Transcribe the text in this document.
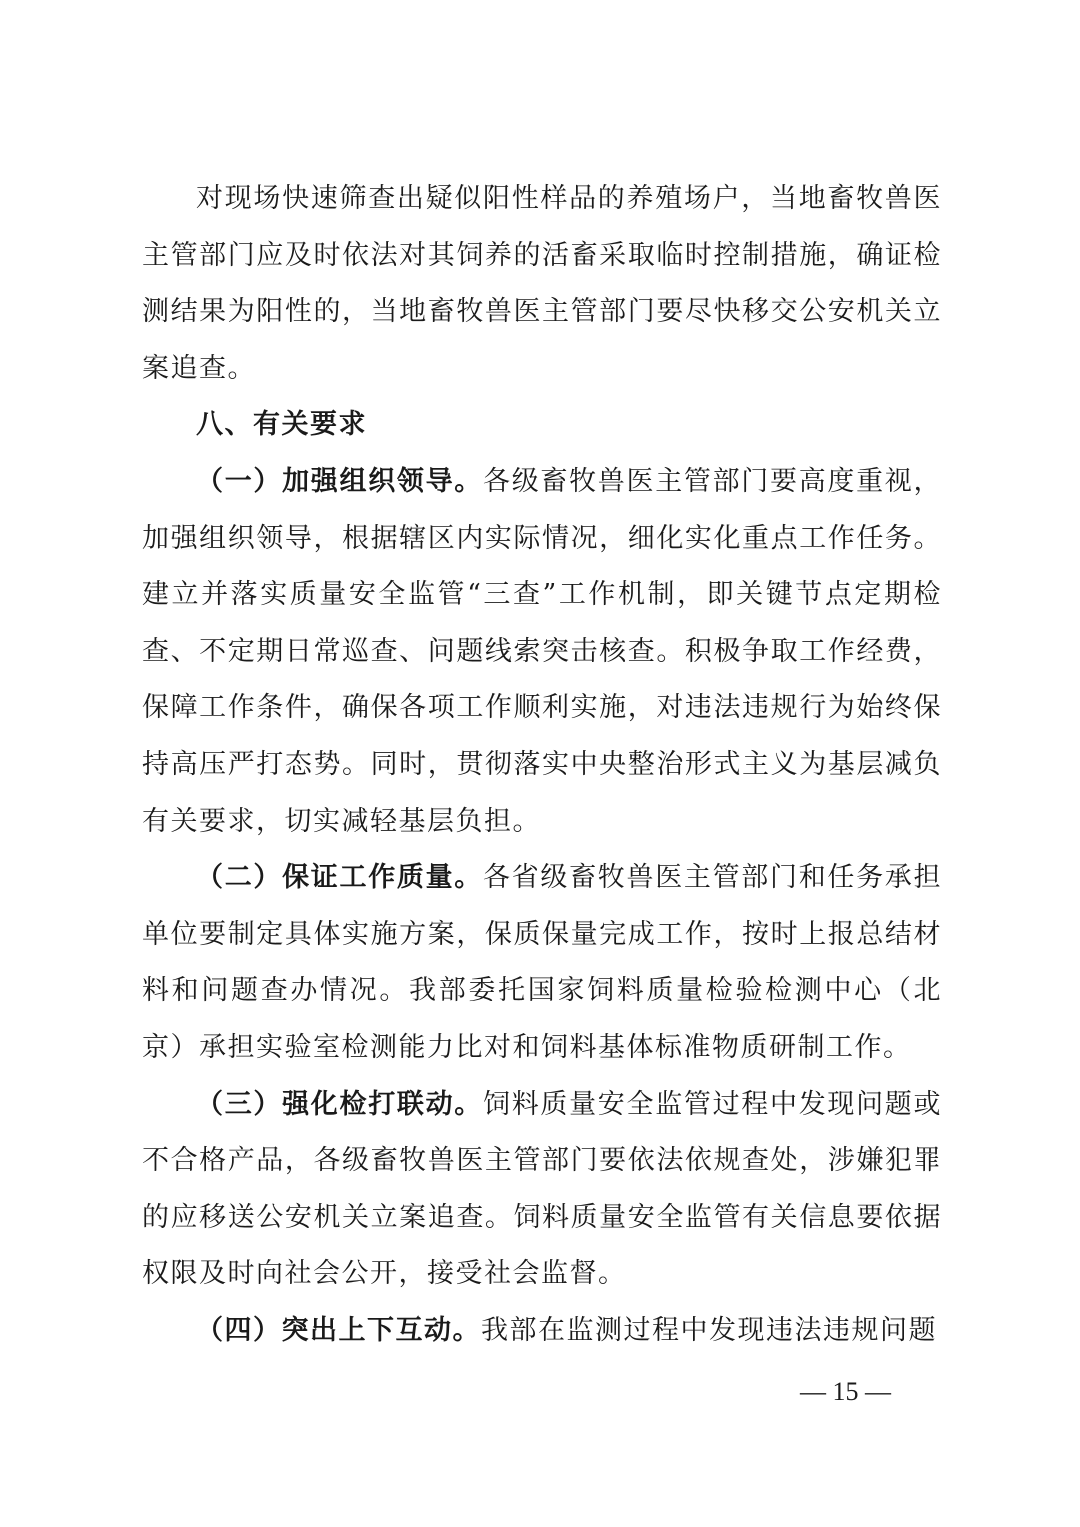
对现场快速筛查出疑似阳性样品的养殖场户，当地畜牧兽医主管部门应及时依法对其饲养的活畜采取临时控制措施，确证检测结果为阳性的，当地畜牧兽医主管部门要尽快移交公安机关立案追查。

八、有关要求

（一）加强组织领导。各级畜牧兽医主管部门要高度重视，加强组织领导，根据辖区内实际情况，细化实化重点工作任务。建立并落实质量安全监管“三查”工作机制，即关键节点定期检查、不定期日常巡查、问题线索突击核查。积极争取工作经费，保障工作条件，确保各项工作顺利实施，对违法违规行为始终保持高压严打态势。同时，贯彻落实中央整治形式主义为基层减负有关要求，切实减轻基层负担。

（二）保证工作质量。各省级畜牧兽医主管部门和任务承担单位要制定具体实施方案，保质保量完成工作，按时上报总结材料和问题查办情况。我部委托国家饲料质量检验检测中心（北京）承担实验室检测能力比对和饲料基体标准物质研制工作。

（三）强化检打联动。饲料质量安全监管过程中发现问题或不合格产品，各级畜牧兽医主管部门要依法依规查处，涉嫌犯罪的应移送公安机关立案追查。饲料质量安全监管有关信息要依据权限及时向社会公开，接受社会监督。

（四）突出上下互动。我部在监测过程中发现违法违规问题

— 15 —
